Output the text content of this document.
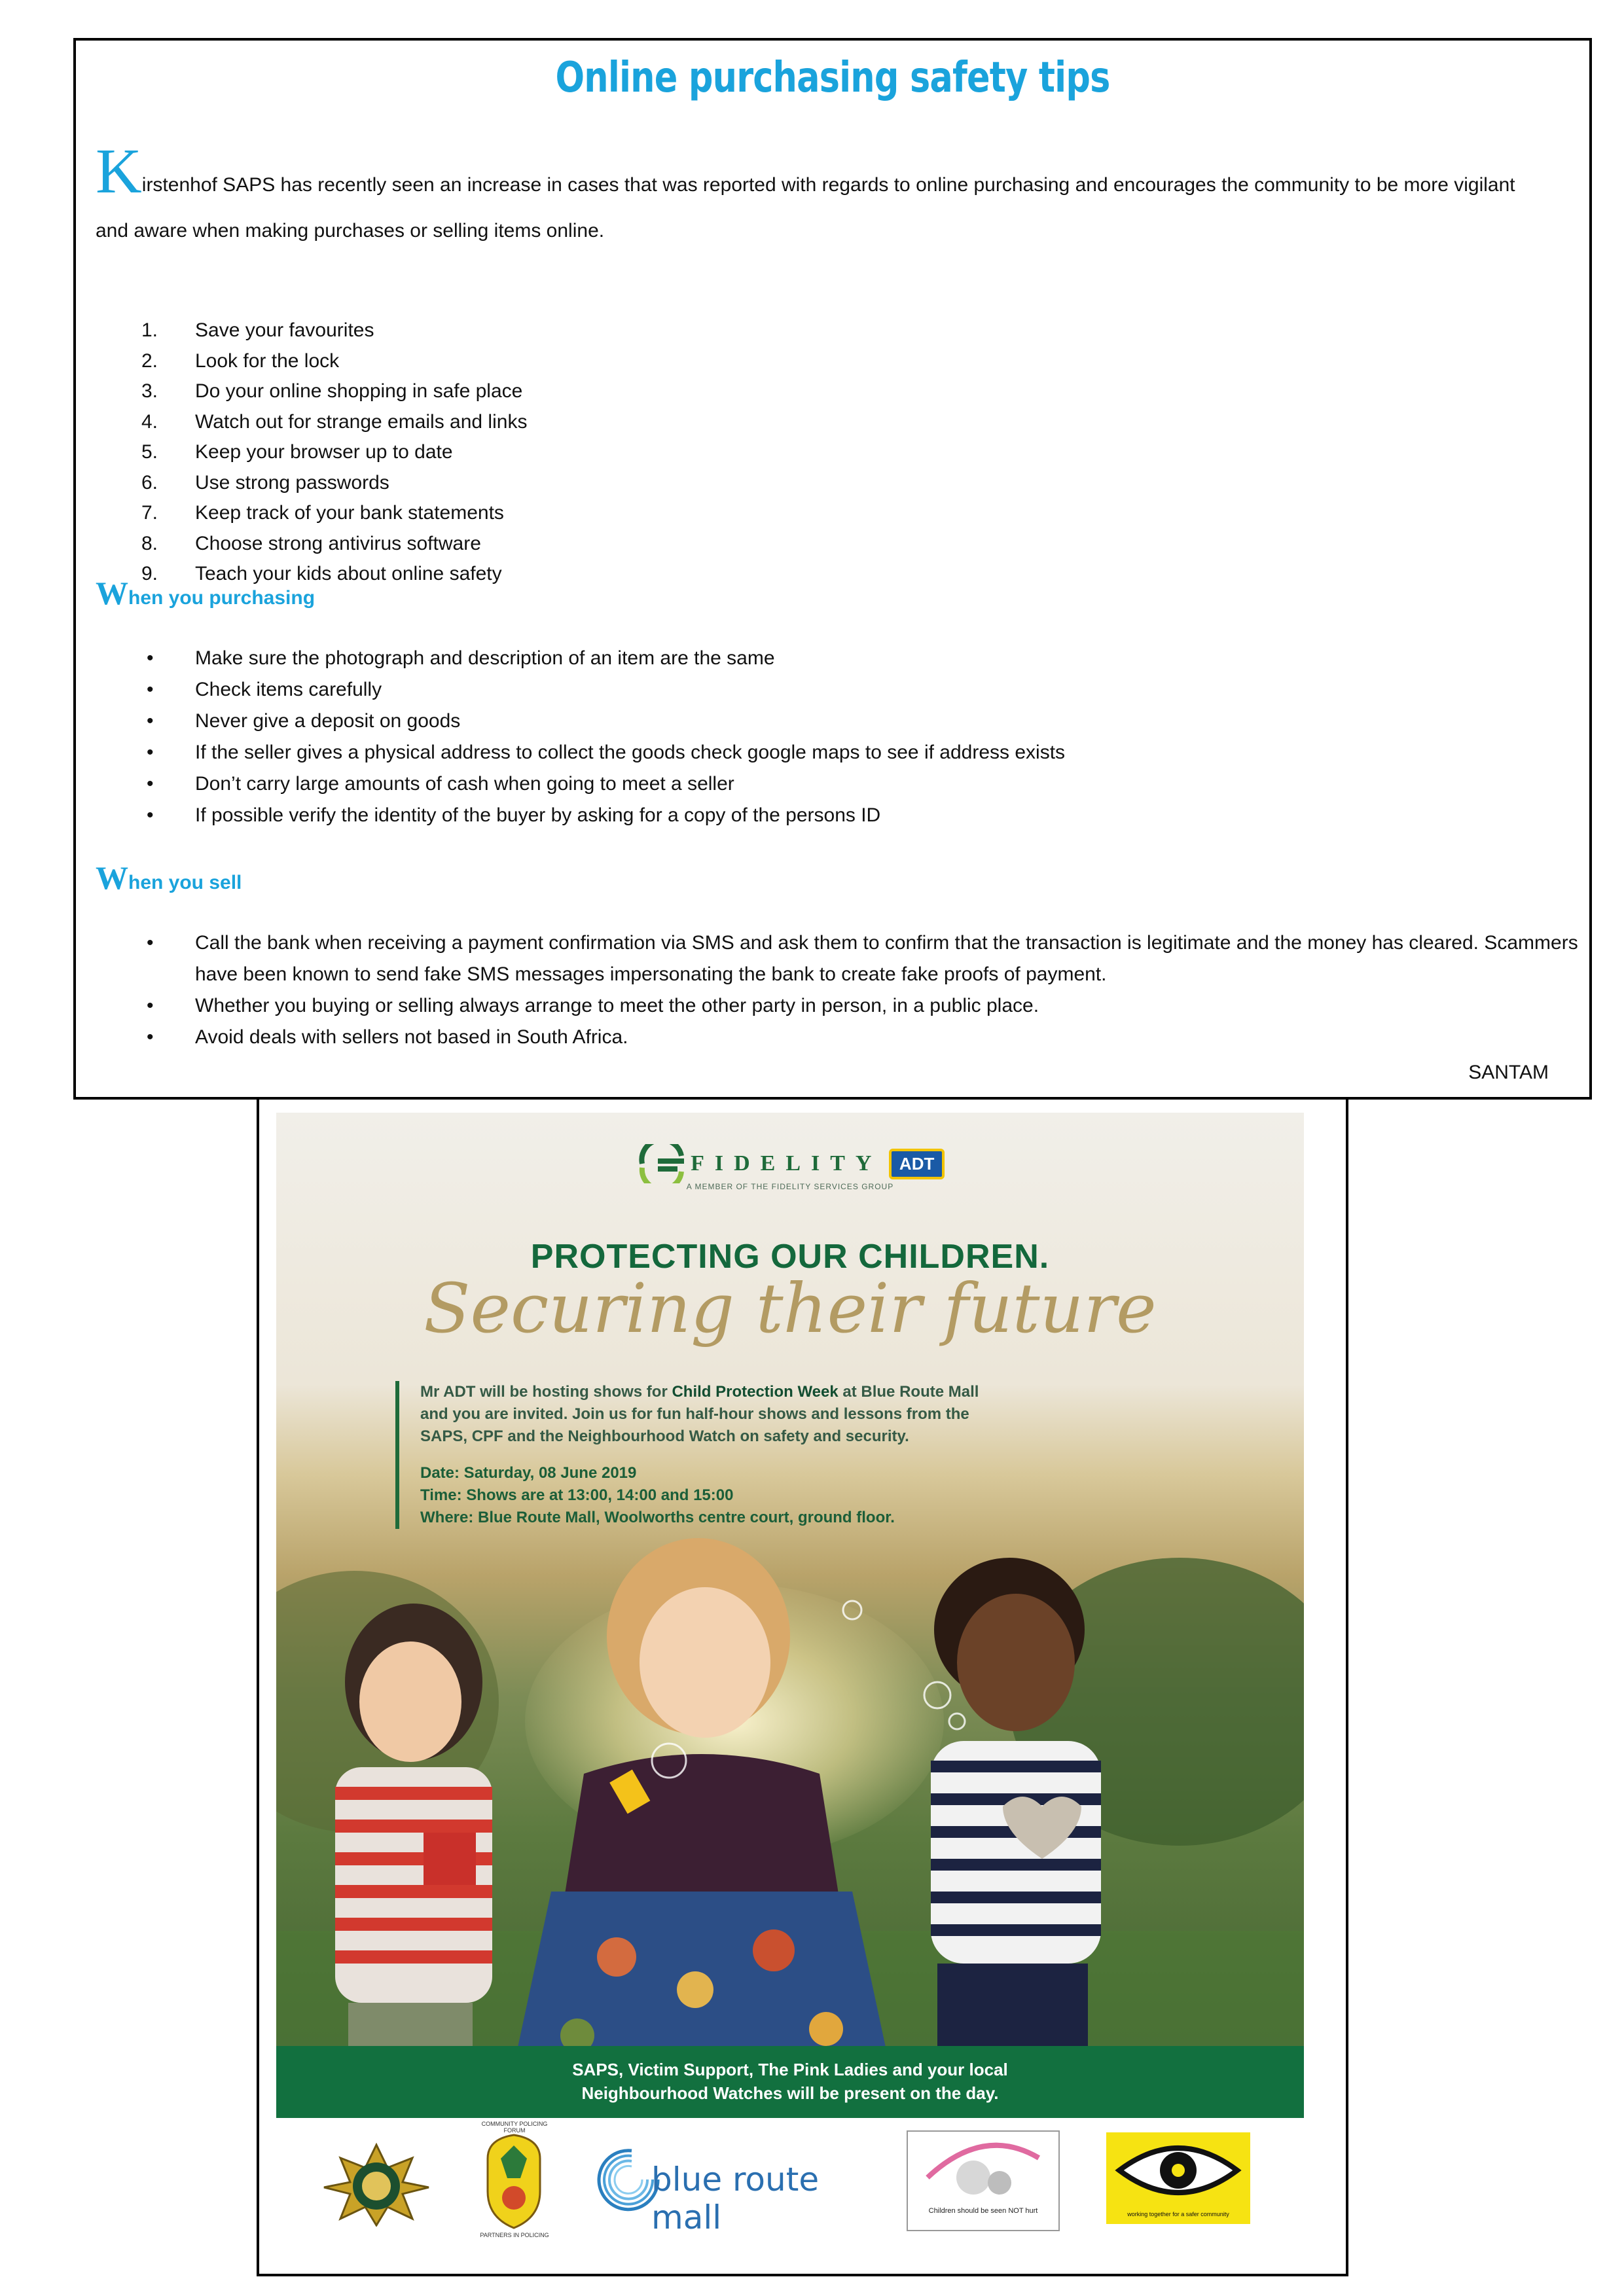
Online purchasing safety tips
Kirstenhof SAPS has recently seen an increase in cases that was reported with regards to online purchasing and encourages the community to be more vigilant
and aware when making purchases or selling items online.
1.	Save your favourites
2.	Look for the lock
3.	Do your online shopping in safe place
4.	Watch out for strange emails and links
5.	Keep your browser up to date
6.	Use strong passwords
7.	Keep track of your bank statements
8.	Choose strong antivirus software
9.	Teach your kids about online safety
When you purchasing
• Make sure the photograph and description of an item are the same
• Check items carefully
• Never give a deposit on goods
• If the seller gives a physical address to collect the goods check google maps to see if address exists
• Don’t carry large amounts of cash when going to meet a seller
• If possible verify the identity of the buyer by asking for a copy of the persons ID
When you sell
• Call the bank when receiving a payment confirmation via SMS and ask them to confirm that the transaction is legitimate and the money has cleared. Scammers have been known to send fake SMS messages impersonating the bank to create fake proofs of payment.
• Whether you buying or selling always arrange to meet the other party in person, in a public place.
• Avoid deals with sellers not based in South Africa.
SANTAM
FIDELITY ADT
A MEMBER OF THE FIDELITY SERVICES GROUP
PROTECTING OUR CHILDREN.
Securing their future

Mr ADT will be hosting shows for Child Protection Week at Blue Route Mall

and you are invited. Join us for fun half-hour shows and lessons from the

SAPS, CPF and the Neighbourhood Watch on safety and security.

Date: Saturday, 08 June 2019

Time: Shows are at 13:00, 14:00 and 15:00

Where: Blue Route Mall, Woolworths centre court, ground floor.

SAPS, Victim Support, The Pink Ladies and your local
Neighbourhood Watches will be present on the day.
COMMUNITY POLICING FORUM
PARTNERS IN POLICING
blue route mall	Children should be seen NOT hurt	working together for a safer community
